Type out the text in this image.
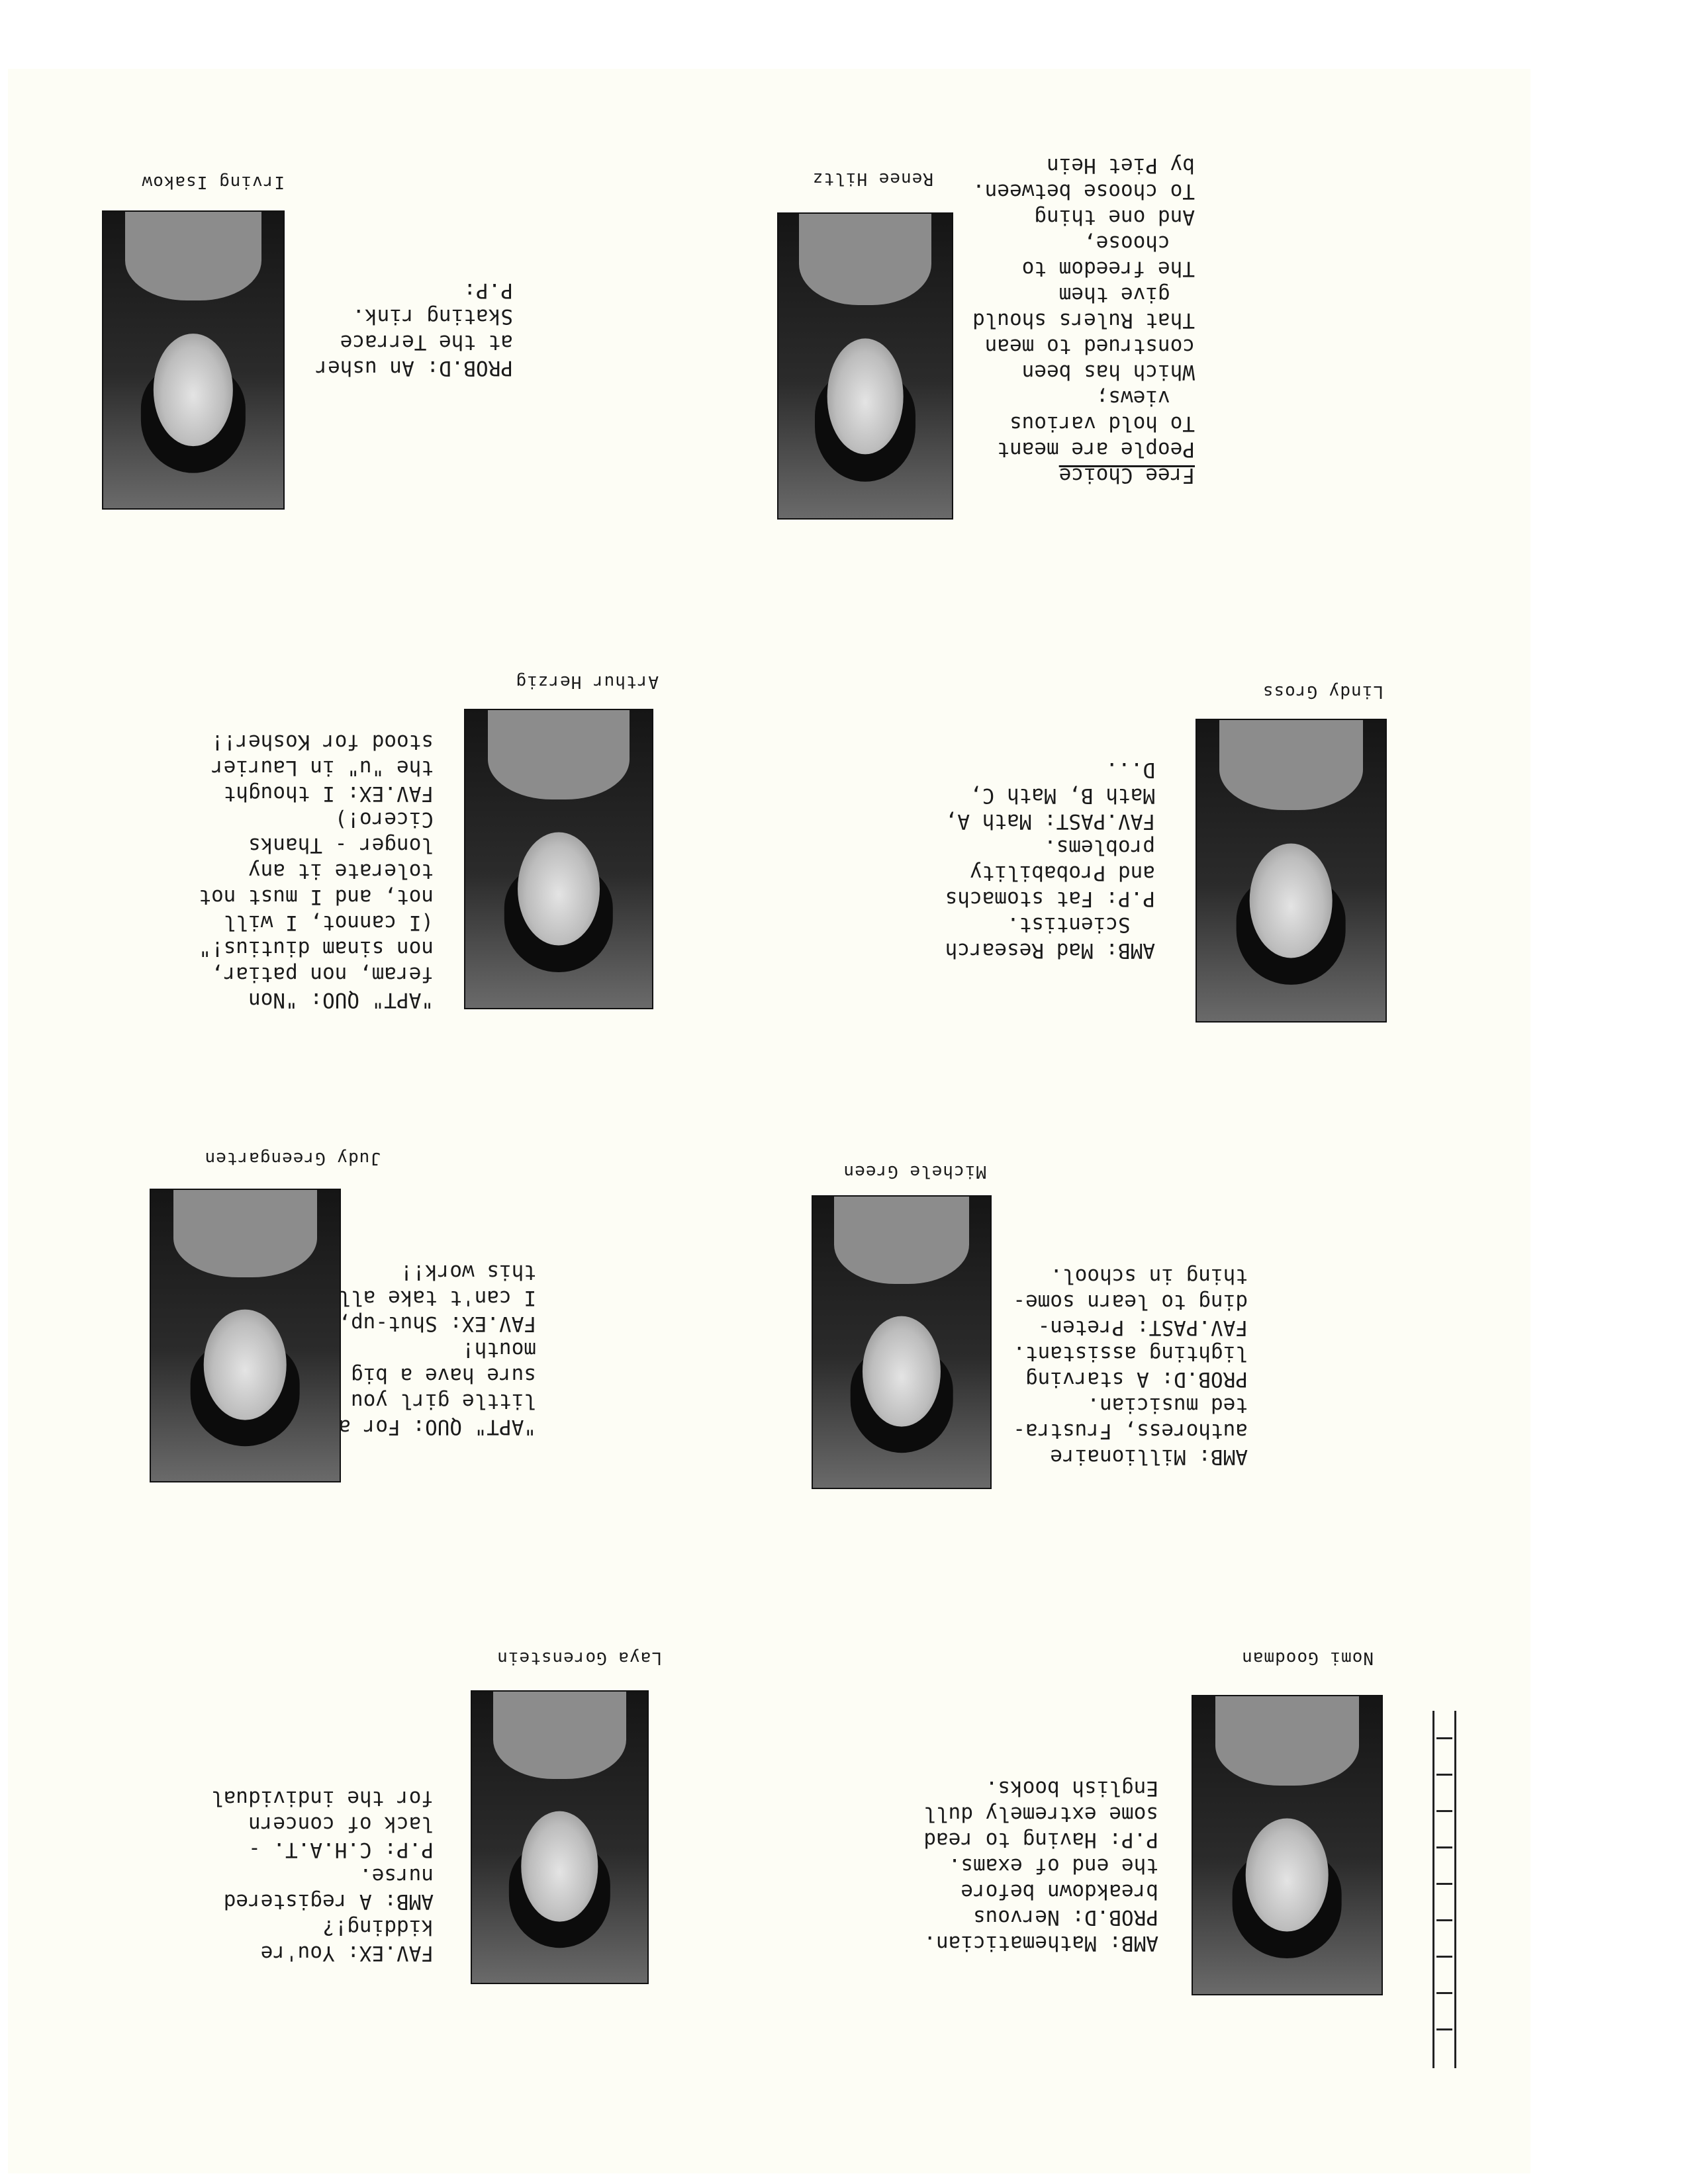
Irving Isakow

PROB.D: An usher
at the Terrace
Skating rink.
P.P:

Renee Hiltz

Free Choice
People are meant
To hold various
views;
Which has been
construed to mean
That Rulers should
give them
The freedom to
choose,
And one thing
To choose between.
by Piet Hein

Arthur Herzig

"APT" QUO: "Non
feram, non patiar,
non sinam diutius!"
(I cannot, I will
not, and I must not
tolerate it any
longer - Thanks
Cicero!)
FAV.EX: I thought
the "u" in Laurier
stood for Kosher!!

Lindy Gross

AMB: Mad Research
Scientist.
P.P: Fat stomachs
and Probability
problems.
FAV.PAST: Math A,
Math B, Math C,
D...

Judy Greengarten

"APT" QUO: For a
little girl you
sure have a big
mouth!
FAV.EX: Shut-up,
I can't take all
this work!!

Michele Green

AMB: Millionaire
authoress, Frustra-
ted musician.
PROB.D: A starving
lighting assistant.
FAV.PAST: Preten-
ding to learn some-
thing in school.

Laya Gorenstein

FAV.EX: You're
kidding!?
AMB: A registered
nurse.
P.P: C.H.A.T. -
lack of concern
for the individual

Nomi Goodman

AMB: Mathematician.
PROB.D: Nervous
breakdown before
the end of exams.
P.P: Having to read
some extremely dull
English books.
